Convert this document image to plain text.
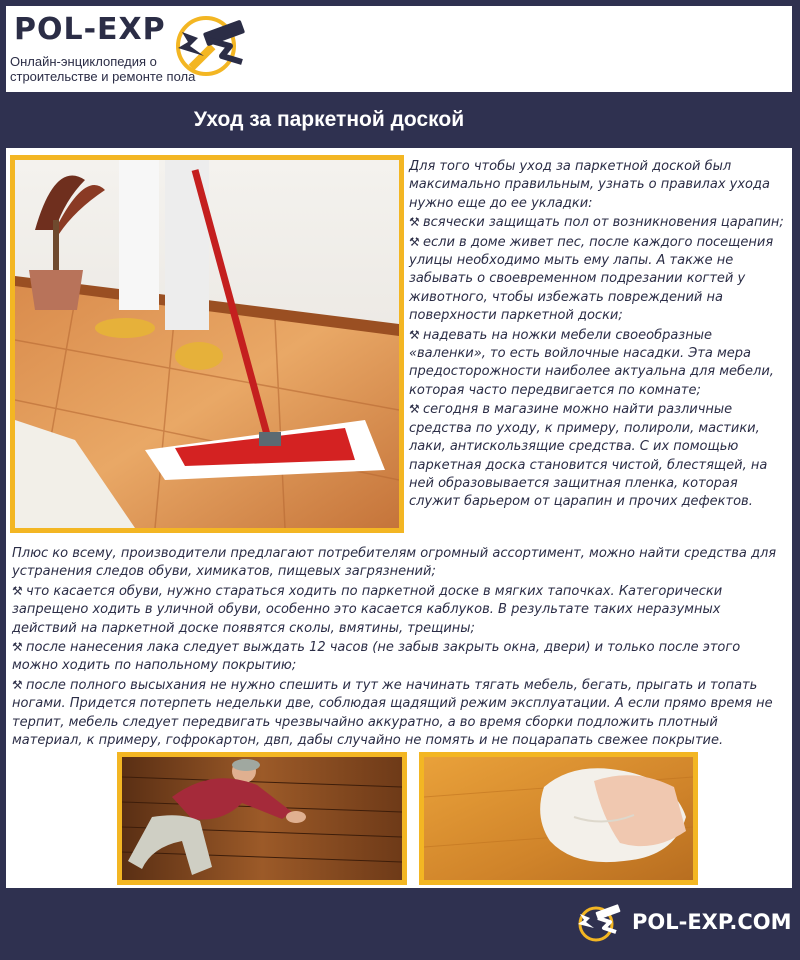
POL-EXP
Онлайн-энциклопедия о строительстве и ремонте пола
Уход за паркетной доской

Для того чтобы уход за паркетной доской был максимально правильным, узнать о правилах ухода нужно еще до ее укладки:

⚒ всячески защищать пол от возникновения царапин;

⚒ если в доме живет пес, после каждого посещения улицы необходимо мыть ему лапы. А также не забывать о своевременном подрезании когтей у животного, чтобы избежать повреждений на поверхности паркетной доски;

⚒ надевать на ножки мебели своеобразные «валенки», то есть войлочные насадки. Эта мера предосторожности наиболее актуальна для мебели, которая часто передвигается по комнате;

⚒ сегодня в магазине можно найти различные средства по уходу, к примеру, полироли, мастики, лаки, антискользящие средства. С их помощью паркетная доска становится чистой, блестящей, на ней образовывается защитная пленка, которая служит барьером от царапин и прочих дефектов.

Плюс ко всему, производители предлагают потребителям огромный ассортимент, можно найти средства для устранения следов обуви, химикатов, пищевых загрязнений;

⚒ что касается обуви, нужно стараться ходить по паркетной доске в мягких тапочках. Категорически запрещено ходить в уличной обуви, особенно это касается каблуков. В результате таких неразумных действий на паркетной доске появятся сколы, вмятины, трещины;

⚒ после нанесения лака следует выждать 12 часов (не забыв закрыть окна, двери) и только после этого можно ходить по напольному покрытию;

⚒ после полного высыхания не нужно спешить и тут же начинать тягать мебель, бегать, прыгать и топать ногами. Придется потерпеть недельки две, соблюдая щадящий режим эксплуатации. А если прямо время не терпит, мебель следует передвигать чрезвычайно аккуратно, а во время сборки подложить плотный материал, к примеру, гофрокартон, двп, дабы случайно не помять и не поцарапать свежее покрытие.

POL-EXP.COM
